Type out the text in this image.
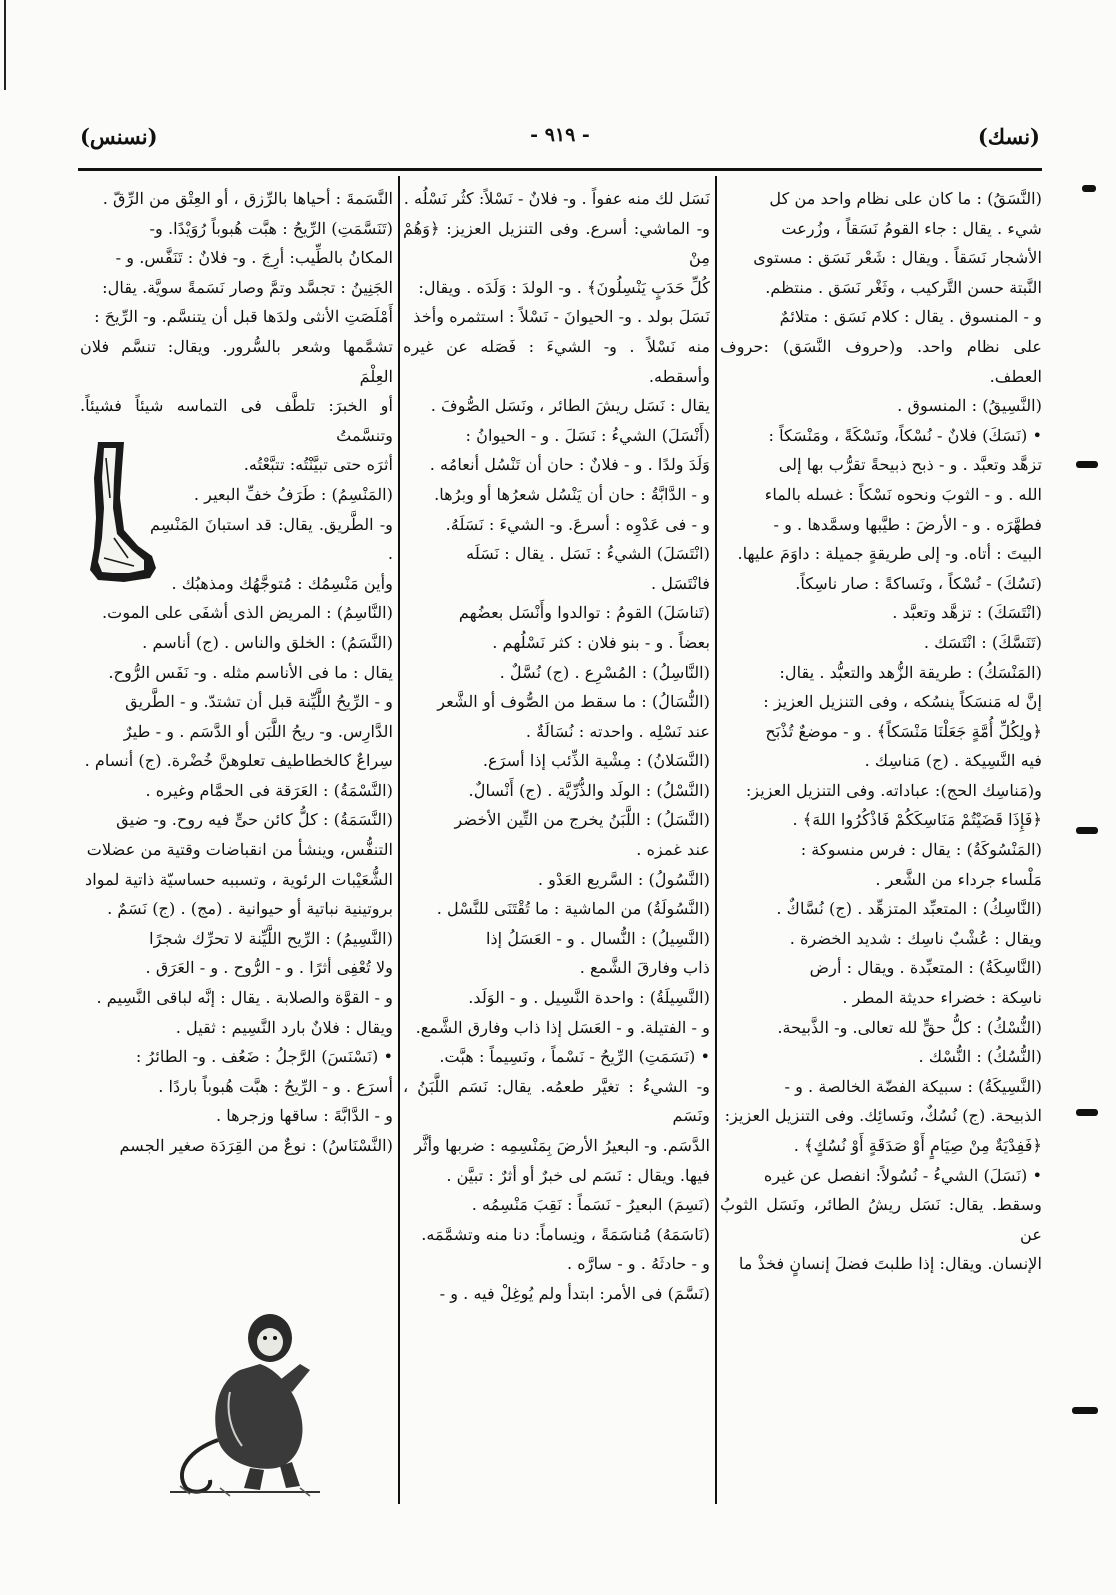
(نسك)
- ٩١٩ -
(نسنس)

(النَّسَقُ) : ما كان على نظام واحد من كل

شيء . يقال : جاء القومُ نَسَقاً ، وزُرعت

الأشجار نَسَقاً . ويقال : شَعْر نَسَق : مستوى

النَّبتة حسن التَّركيب ، وثَغْر نَسَق . منتظم.

و - المنسوق . يقال : كلام نَسَق : متلائمٌ

على نظام واحد. و(حروف النَّسَق) :حروف العطف.

(النَّسِيقُ) : المنسوق .

• (نَسَكَ) فلانٌ - نُسْكاً، ونَسْكَةً ، ومَنْسَكاً :

تزهَّد وتعبَّد . و - ذبح ذبيحةً تقرُّب بها إلى

الله . و - الثوبَ ونحوه نَسْكاً : غسله بالماء

فطهَّرَه . و - الأرضَ : طيَّبها وسمَّدها . و -

البيتَ : أتاه. و- إلى طريقةٍ جميلة : داوَمَ عليها.

(نَسُكَ) - نُسْكاً ، ونَساكةً : صار ناسِكاً.

(انْتَسَكَ) : تزهَّد وتعبَّد .

(تَنَسَّكَ) : انْتَسَك .

(المَنْسَكُ) : طريقة الزُّهد والتعبُّد . يقال:

إنَّ له مَنسَكاً ينسُكه ، وفى التنزيل العزيز :

﴿ولِكُلِّ أُمَّةٍ جَعَلْنَا مَنْسَكاً﴾ . و - موضعٌ تُذْبَح

فيه النَّسِيكة . (ج) مَناسِك .

و(مَناسِك الحج): عباداته. وفى التنزيل العزيز:

﴿فَإِذَا قَضَيْتُمْ مَنَاسِكَكُمْ فَاذْكُرُوا اللهَ﴾ .

(المَنْسُوكَةُ) : يقال : فرس منسوكة :

مَلْساء جرداء من الشَّعر .

(النَّاسِكُ) : المتعبِّد المتزهِّد . (ج) نُسَّاكٌ .

ويقال : عُشْبٌ ناسِك : شديد الخضرة .

(النَّاسِكَةُ) : المتعبِّدة . ويقال : أرض

ناسِكة : خضراء حديثة المطر .

(النُّسْكُ) : كلُّ حقٍّ لله تعالى. و- الذَّبيحة.

(النُّسُكُ) : النُّسْك .

(النَّسِيكَةُ) : سبيكة الفضّة الخالصة . و -

الذبيحة. (ج) نُسُكٌ، ونَسائِك. وفى التنزيل العزيز:

﴿فَفِدْيَةٌ مِنْ صِيَامٍ أَوْ صَدَقَةٍ أَوْ نُسُكٍ﴾ .

• (نَسَلَ) الشيءُ - نُسُولاً: انفصل عن غيره

وسقط. يقال: نَسَل ريشُ الطائر، ونَسَل الثوبُ عن

الإنسان. ويقال: إذا طلبتَ فضلَ إنسانٍ فخذْ ما

نَسَل لك منه عفواً . و- فلانٌ - نَسْلاً: كثُر نَسْلُه .

و- الماشي: أسرع. وفى التنزيل العزيز: ﴿وَهُمْ مِنْ

كُلِّ حَدَبٍ يَنْسِلُونَ﴾ . و- الولدَ : وَلَدَه . ويقال:

نَسَلَ بولد . و- الحيوانَ - نَسْلاً : استثمره وأخذ

منه نَسْلاً . و- الشيءَ : فَصَله عن غيره وأسقطه.

يقال : نَسَل ريشَ الطائر ، ونَسَل الصُّوفَ .

(أَنْسَلَ) الشيءُ : نَسَلَ . و - الحيوانُ :

وَلَدَ ولدًا . و - فلانٌ : حان أن تَنْسُل أنعامُه .

و - الدَّابَّةُ : حان أن يَنْسُل شعرُها أو وبرُها.

و - فى عَدْوِه : أسرعَ. و- الشيءَ : نَسَلَهُ.

(انْتَسَلَ) الشيءُ : نَسَل . يقال : نَسَلَه

فانْتَسَل .

(تَناسَلَ) القومُ : توالدوا وأَنْسَل بعضُهم

بعضاً . و - بنو فلان : كثر نَسْلُهم .

(النَّاسِلُ) : المُسْرِع . (ج) نُسَّلٌ .

(النُّسَالُ) : ما سقط من الصُّوف أو الشَّعر

عند نَسْلِه . واحدته : نُسَالَةٌ .

(النَّسَلانُ) : مِشْية الذِّئب إذا أسرَع.

(النَّسْلُ) : الولَد والذُّرِّيَّة . (ج) أَنْسالٌ.

(النَّسَلُ) : اللَّبَنُ يخرج من التِّين الأخضر

عند غمزه .

(النَّسُولُ) : السَّريع العَدْو .

(النَّسُولَةُ) من الماشية : ما تُقْتَنَى للنَّسْل .

(النَّسِيلُ) : النُّسال . و - العَسَلُ إذا

ذاب وفارقَ الشَّمع .

(النَّسِيلَةُ) : واحدة النَّسِيل . و - الوَلَد.

و - الفتيلة. و - العَسَل إذا ذاب وفارق الشَّمع.

• (نَسَمَتِ) الرِّيحُ - نَسْماً ، ونَسِيماً : هبَّت.

و- الشيءُ : تغيَّر طعمُه. يقال: نَسَم اللَّبَنُ ، ونَسَم

الدَّسَم. و- البعيرُ الأرضَ بِمَنْسِمِه : ضربها وأثَّر

فيها. ويقال : نَسَم لى خبرٌ أو أثرٌ : تبيَّن .

(نَسِمَ) البعيرُ - نَسَماً : نَقِبَ مَنْسِمُه .

(نَاسَمَهُ) مُناسَمَةً ، ونِساماً: دنا منه وتشمَّمَه.

و - حادثَهُ . و - سارَّه .

(نَسَّمَ) فى الأمر: ابتدأ ولم يُوغِلْ فيه . و -

النَّسَمةَ : أحياها بالرِّزق ، أو العِتْق من الرِّقّ .

(تَنَسَّمَتِ) الرِّيحُ : هبَّت هُبوباً رُوَيْدًا. و-

المكانُ بالطِّيب: أرِجَ . و- فلانٌ : تَنَفَّس. و -

الجَنِينُ : تجسَّد وتمَّ وصار نَسَمةً سويَّة. يقال:

أَمْلَصَتِ الأنثى ولدَها قبل أن يتنسَّم. و- الرِّيحَ :

تشمَّمها وشعر بالسُّرور. ويقال: تنسَّم فلان العِلْمَ

أو الخبرَ: تلطَّف فى التماسه شيئاً فشيئاً. وتنسَّمتُ

أثرَه حتى تبيَّنْتُه: تتبَّعْتُه.

(المَنْسِمُ) : طَرَفُ خفِّ البعير .

و- الطَّريق. يقال: قد استبانَ المَنْسِم .

وأين مَنْسِمُك : مُتوجَّهُك ومذهبُك .

(النَّاسِمُ) : المريض الذى أشفَى على الموت.

(النَّسَمُ) : الخلق والناس . (ج) أناسم .

يقال : ما فى الأناسم مثله . و- نَفَس الرُّوح.

و - الرِّيحُ اللَّيِّنة قبل أن تشتدّ. و - الطَّريق

الدَّارِس. و- ريحُ اللَّبَن أو الدَّسَم . و - طيرٌ

سِراعٌ كالخطاطيف تعلوهنَّ خُضْرة. (ج) أنسام .

(النَّسْمَةُ) : العَرَقة فى الحمَّام وغيره .

(النَّسَمَةُ) : كلُّ كائن حىٍّ فيه روح. و- ضيق

التنفُّس، وينشأ من انقباضات وقتية من عضلات

الشُّعَيْبات الرئوية ، وتسببه حساسيّة ذاتية لمواد

بروتينية نباتية أو حيوانية . (مج) . (ج) نَسَمٌ .

(النَّسِيمُ) : الرِّيح اللَّيِّنة لا تحرِّك شجرًا

ولا تُعْفِى أثرًا . و - الرُّوح . و - العَرَق .

و - القوَّة والصلابة . يقال : إنَّه لباقى النَّسِيم .

ويقال : فلانٌ بارد النَّسِيم : ثقيل .

• (نَسْنَسَ) الرَّجلُ : ضَعُف . و- الطائرُ :

أسرَع . و - الرِّيحُ : هبَّت هُبوباً باردًا .

و - الدَّابَّةَ : ساقها وزجرها .

(النَّسْنَاسُ) : نوعٌ من القِرَدَة صغير الجسم
